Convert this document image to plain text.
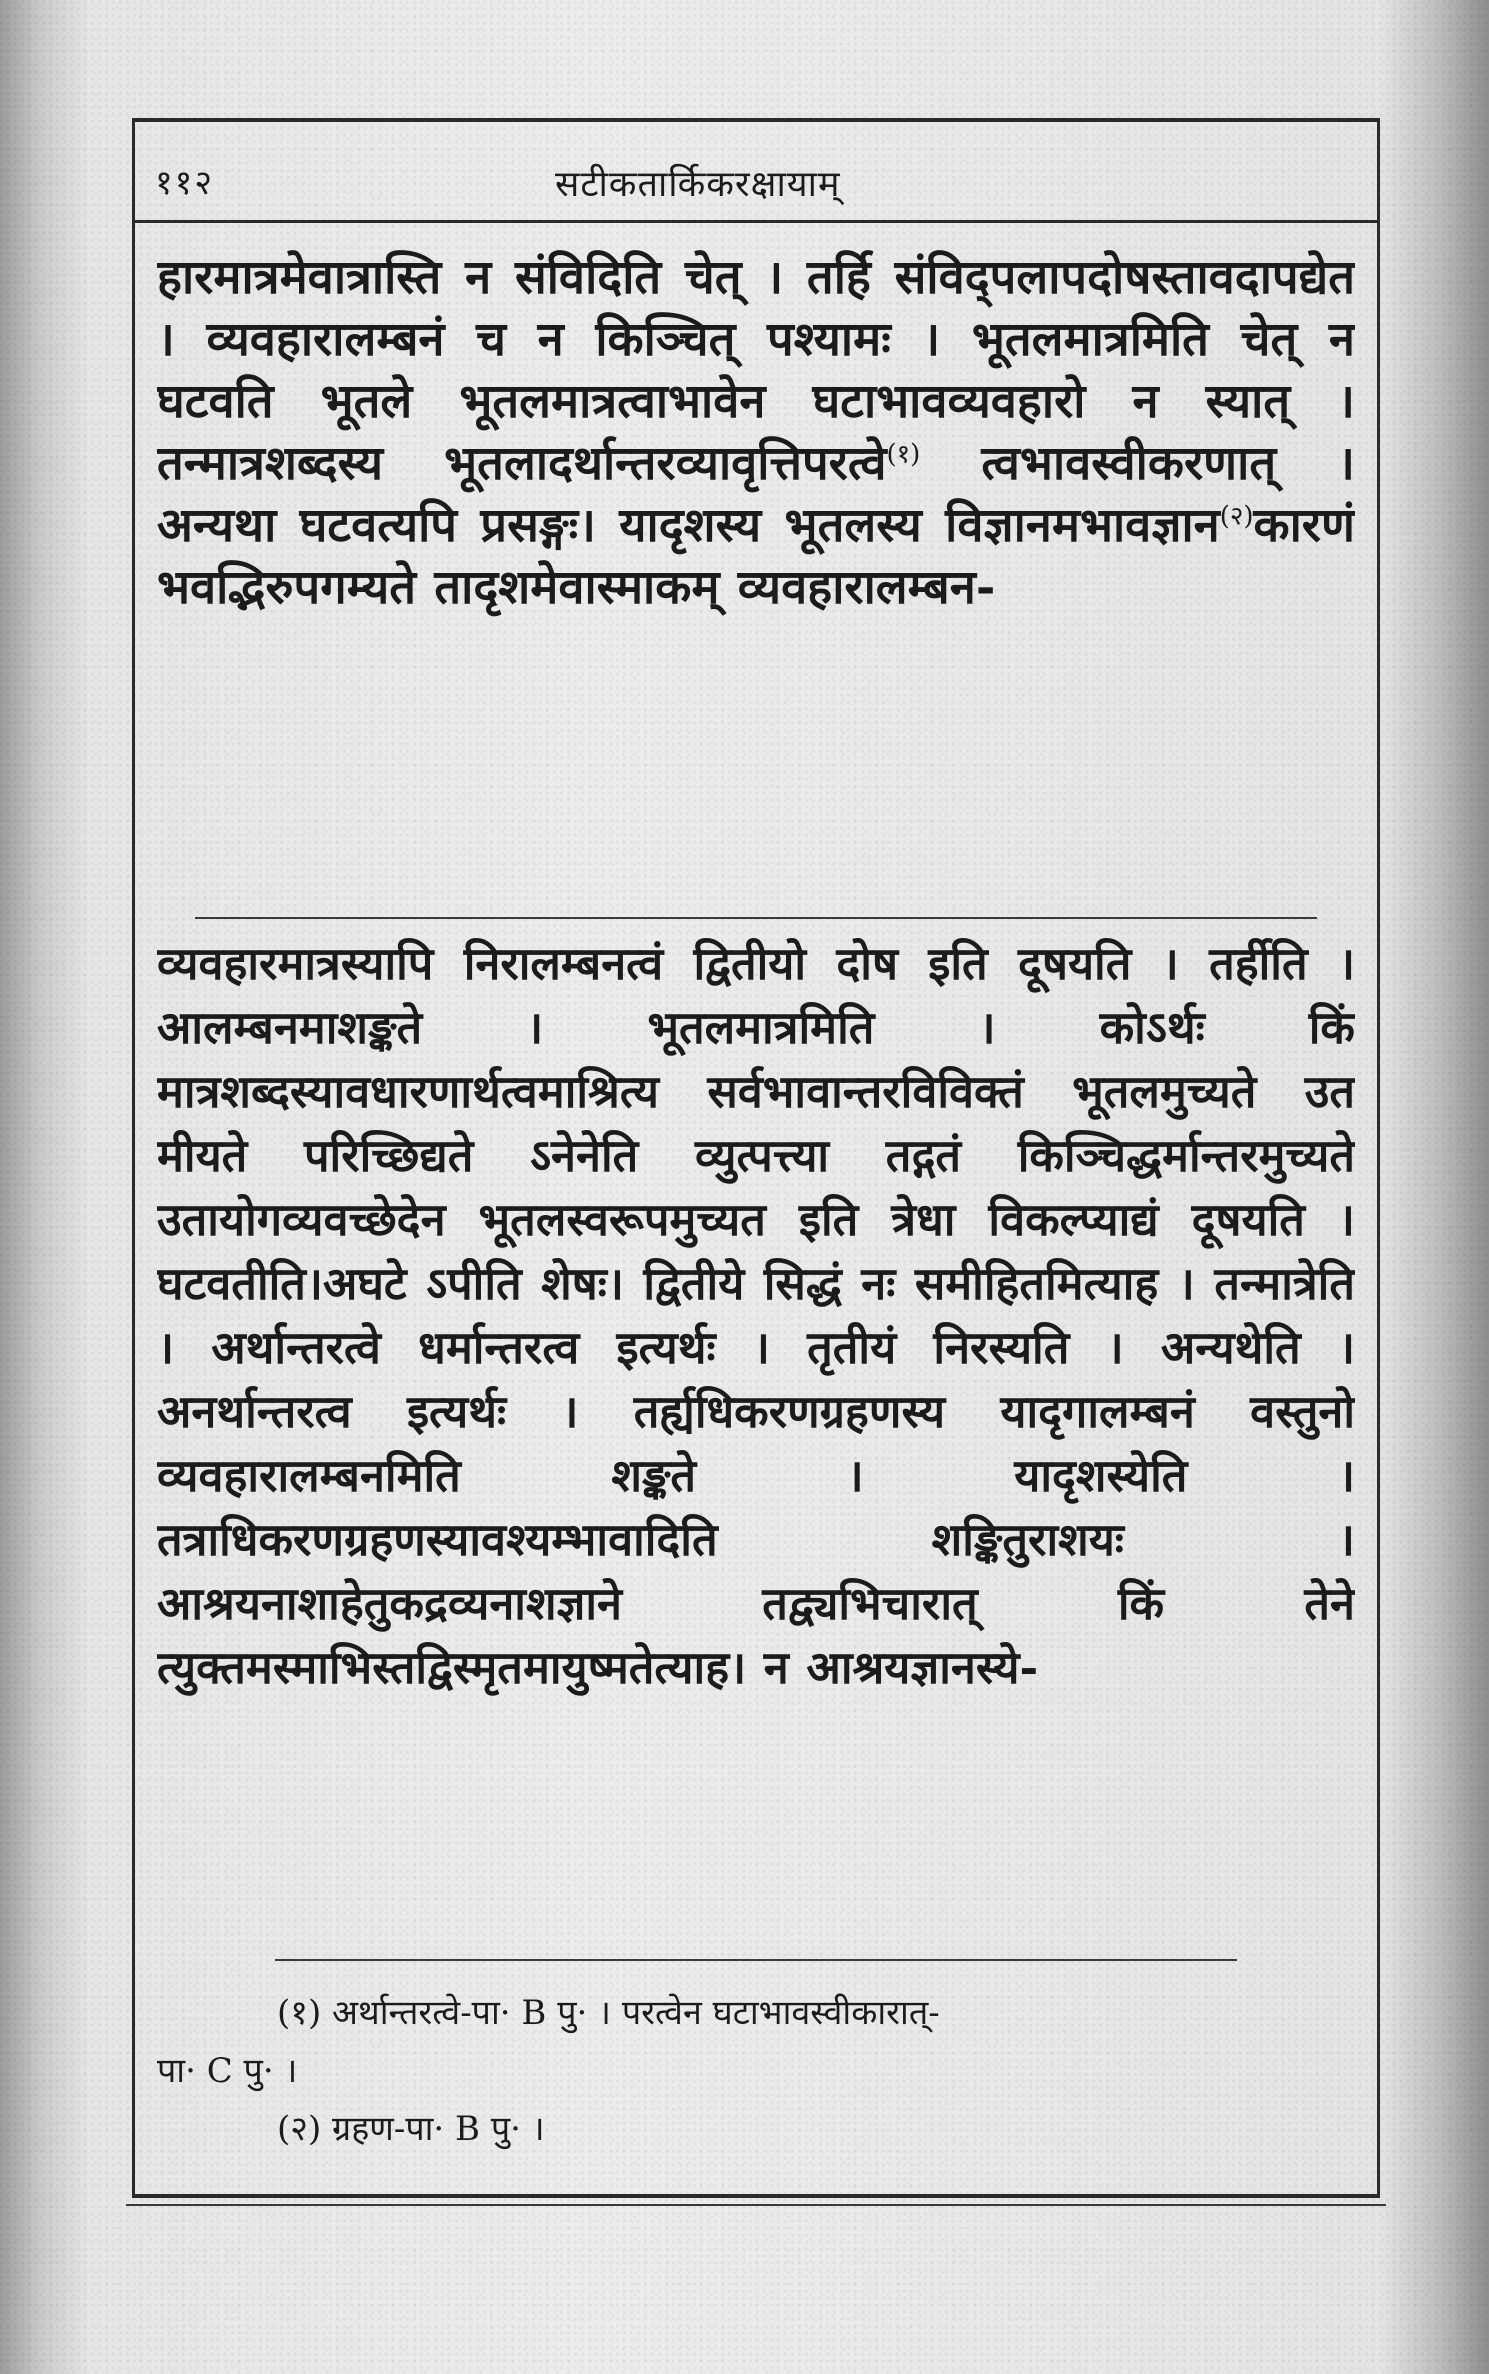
११२	सटीकतार्किकरक्षायाम्

हारमात्रमेवात्रास्ति न संविदिति चेत् । तर्हि संविद्पलापदोषस्तावदापद्येत । व्यवहारालम्बनं च न किञ्चित् पश्यामः । भूतलमात्रमिति चेत् न घटवति भूतले भूतलमात्रत्वाभावेन घटाभावव्यवहारो न स्यात् । तन्मात्रशब्दस्य भूतलादर्थान्तरव्यावृत्तिपरत्वे$^{(१)}$ त्वभावस्वीकरणात् । अन्यथा घटवत्यपि प्रसङ्गः। यादृशस्य भूतलस्य विज्ञानमभावज्ञान$^{(२)}$कारणं भवद्भिरुपगम्यते तादृशमेवास्माकम् व्यवहारालम्बन-

व्यवहारमात्रस्यापि निरालम्बनत्वं द्वितीयो दोष इति दूषयति । तर्हीति । आलम्बनमाशङ्कते । भूतलमात्रमिति । कोऽर्थः किं मात्रशब्दस्यावधारणार्थत्वमाश्रित्य सर्वभावान्तरविविक्तं भूतलमुच्यते उत मीयते परिच्छिद्यते ऽनेनेति व्युत्पत्त्या तद्गतं किञ्चिद्धर्मान्तरमुच्यते उतायोगव्यवच्छेदेन भूतलस्वरूपमुच्यत इति त्रेधा विकल्प्याद्यं दूषयति । घटवतीति।अघटे ऽपीति शेषः। द्वितीये सिद्धं नः समीहितमित्याह । तन्मात्रेति । अर्थान्तरत्वे धर्मान्तरत्व इत्यर्थः । तृतीयं निरस्यति । अन्यथेति । अनर्थान्तरत्व इत्यर्थः । तर्ह्यधिकरणग्रहणस्य यादृगालम्बनं वस्तुनो व्यवहारालम्बनमिति शङ्कते । यादृशस्येति । तत्राधिकरणग्रहणस्यावश्यम्भावादिति शङ्कितुराशयः । आश्रयनाशाहेतुकद्रव्यनाशज्ञाने तद्व्यभिचारात् किं तेने त्युक्तमस्माभिस्तद्विस्मृतमायुष्मतेत्याह। न आश्रयज्ञानस्ये-

(१) अर्थान्तरत्वे-पा· B पु· । परत्वेन घटाभावस्वीकारात्-

पा· C पु· ।

(२) ग्रहण-पा· B पु· ।
